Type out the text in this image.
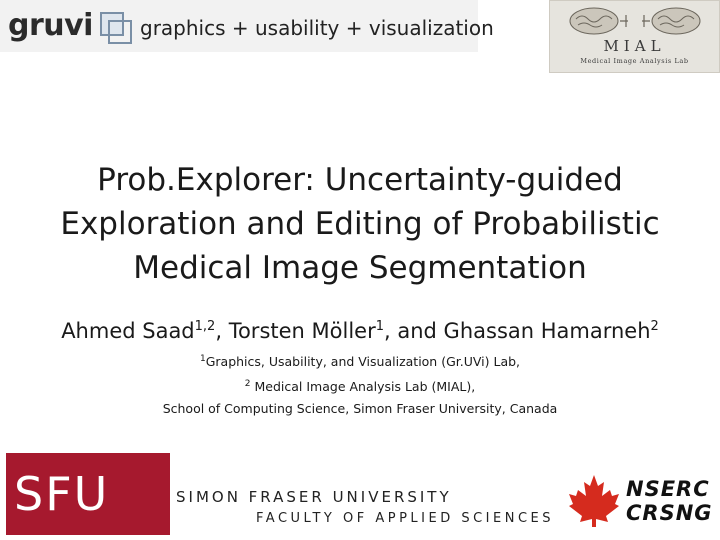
gruvi graphics + usability + visualization
MIAL
Medical Image Analysis Lab
Prob.Explorer: Uncertainty-guided
Exploration and Editing of Probabilistic
Medical Image Segmentation
Ahmed Saad$^{1,2}$, Torsten Möller$^1$, and Ghassan Hamarneh$^2$
$^1$Graphics, Usability, and Visualization (Gr.UVi) Lab,
$^2$ Medical Image Analysis Lab (MIAL),
School of Computing Science, Simon Fraser University, Canada
SFU	SIMON FRASER UNIVERSITY
FACULTY OF APPLIED SCIENCES
NSERC
CRSNG
